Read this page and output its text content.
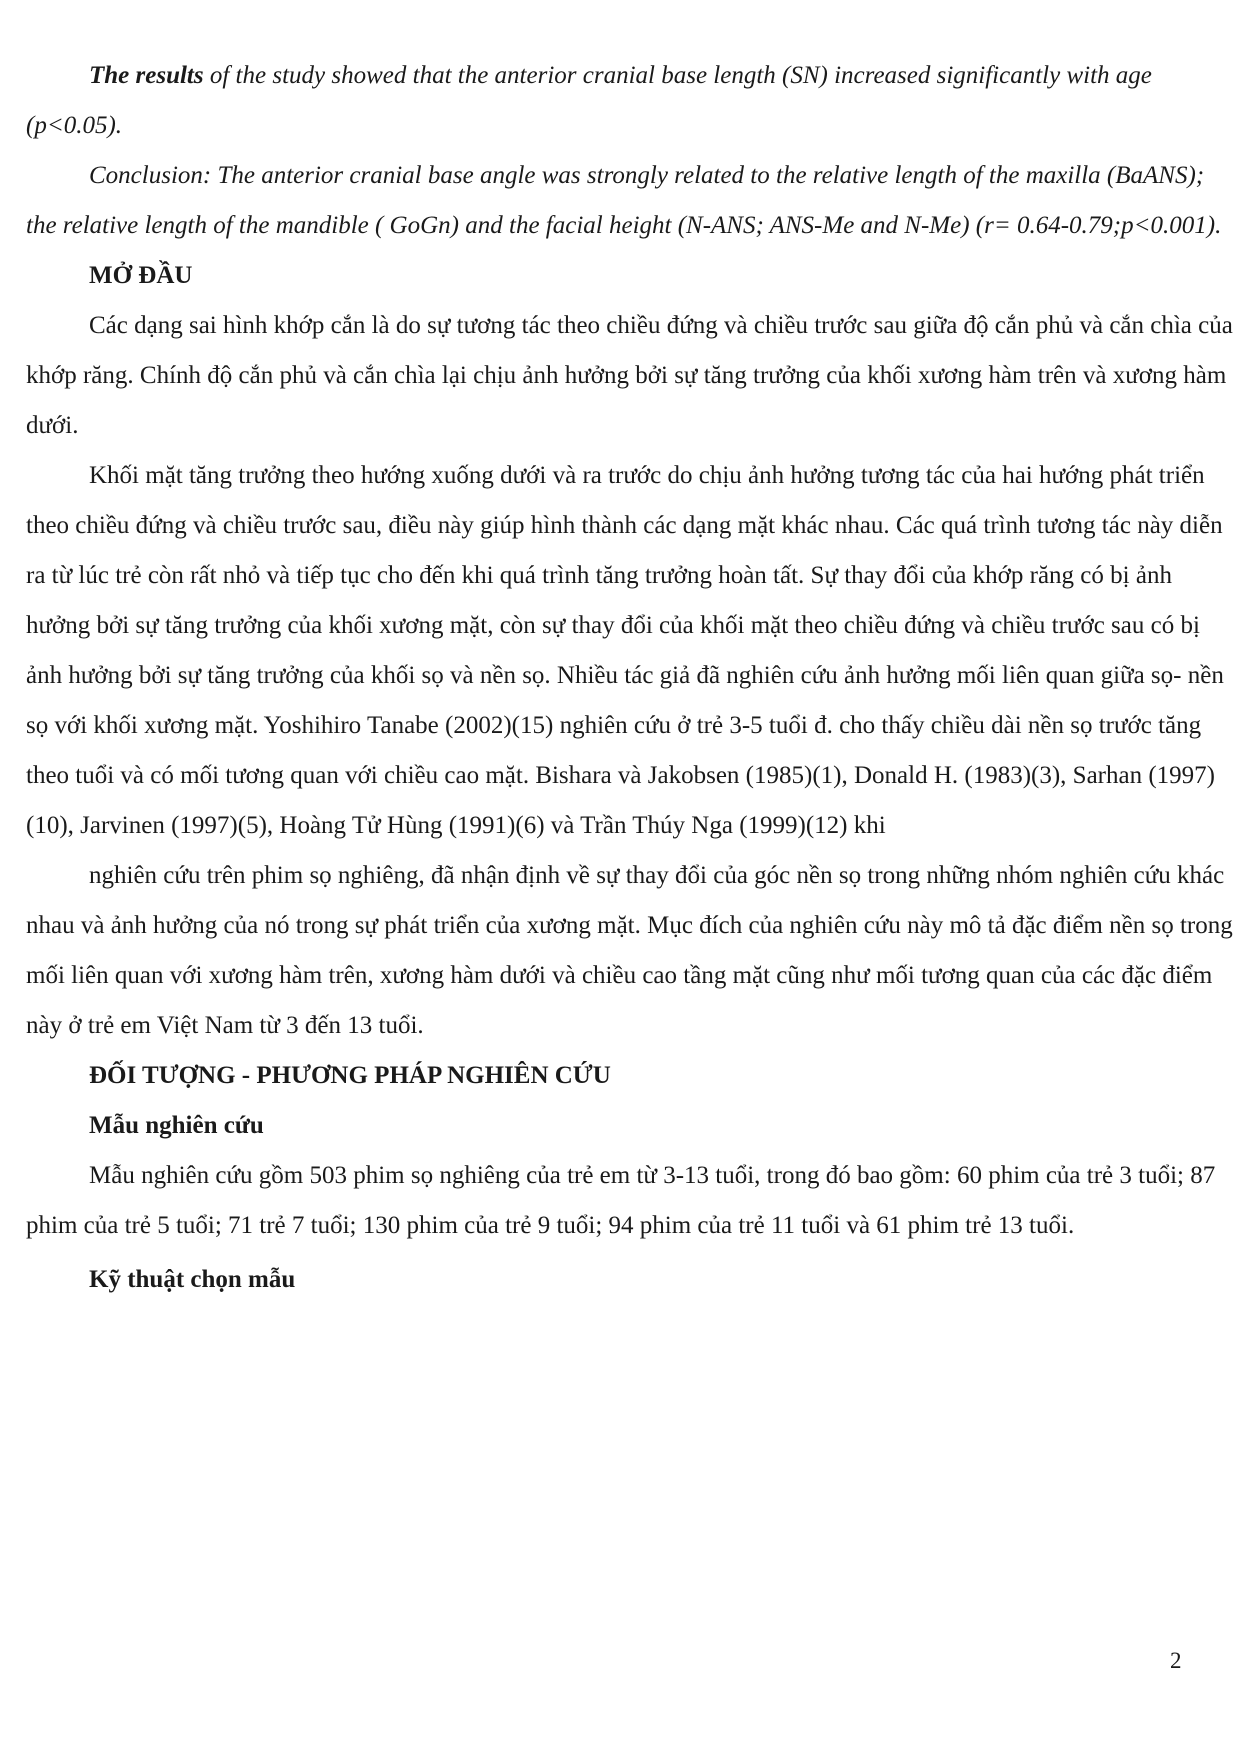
The results of the study showed that the anterior cranial base length (SN) increased significantly with age (p<0.05).

Conclusion: The anterior cranial base angle was strongly related to the relative length of the maxilla (BaANS); the relative length of the mandible ( GoGn) and the facial height (N-ANS; ANS-Me and N-Me) (r= 0.64-0.79;p<0.001).

MỞ ĐẦU

Các dạng sai hình khớp cắn là do sự tương tác theo chiều đứng và chiều trước sau giữa độ cắn phủ và cắn chìa của khớp răng. Chính độ cắn phủ và cắn chìa lại chịu ảnh hưởng bởi sự tăng trưởng của khối xương hàm trên và xương hàm dưới.

Khối mặt tăng trưởng theo hướng xuống dưới và ra trước do chịu ảnh hưởng tương tác của hai hướng phát triển theo chiều đứng và chiều trước sau, điều này giúp hình thành các dạng mặt khác nhau. Các quá trình tương tác này diễn ra từ lúc trẻ còn rất nhỏ và tiếp tục cho đến khi quá trình tăng trưởng hoàn tất. Sự thay đổi của khớp răng có bị ảnh hưởng bởi sự tăng trưởng của khối xương mặt, còn sự thay đổi của khối mặt theo chiều đứng và chiều trước sau có bị ảnh hưởng bởi sự tăng trưởng của khối sọ và nền sọ. Nhiều tác giả đã nghiên cứu ảnh hưởng mối liên quan giữa sọ- nền sọ với khối xương mặt. Yoshihiro Tanabe (2002)(15) nghiên cứu ở trẻ 3-5 tuổi đ. cho thấy chiều dài nền sọ trước tăng theo tuổi và có mối tương quan với chiều cao mặt. Bishara và Jakobsen (1985)(1), Donald H. (1983)(3), Sarhan (1997)(10), Jarvinen (1997)(5), Hoàng Tử Hùng (1991)(6) và Trần Thúy Nga (1999)(12) khi

nghiên cứu trên phim sọ nghiêng, đã nhận định về sự thay đổi của góc nền sọ trong những nhóm nghiên cứu khác nhau và ảnh hưởng của nó trong sự phát triển của xương mặt. Mục đích của nghiên cứu này mô tả đặc điểm nền sọ trong mối liên quan với xương hàm trên, xương hàm dưới và chiều cao tầng mặt cũng như mối tương quan của các đặc điểm này ở trẻ em Việt Nam từ 3 đến 13 tuổi.

ĐỐI TƯỢNG - PHƯƠNG PHÁP NGHIÊN CỨU

Mẫu nghiên cứu

Mẫu nghiên cứu gồm 503 phim sọ nghiêng của trẻ em từ 3-13 tuổi, trong đó bao gồm: 60 phim của trẻ 3 tuổi; 87 phim của trẻ 5 tuổi; 71 trẻ 7 tuổi; 130 phim của trẻ 9 tuổi; 94 phim của trẻ 11 tuổi và 61 phim trẻ 13 tuổi.

Kỹ thuật chọn mẫu

2
